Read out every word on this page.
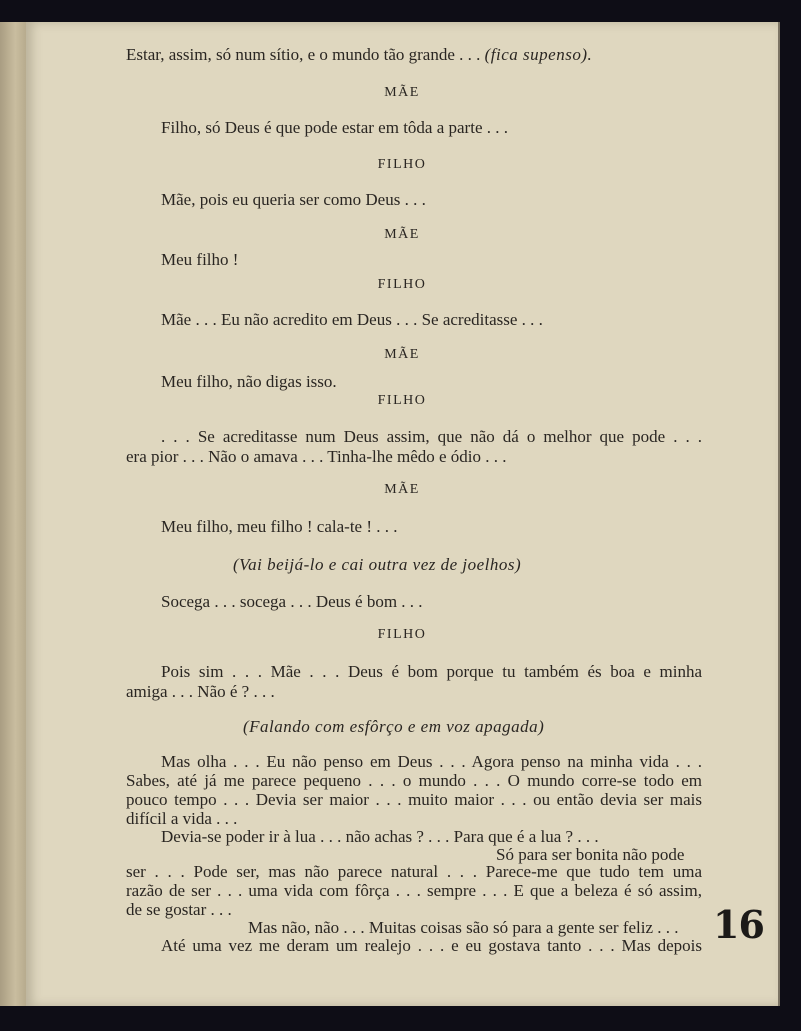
Estar, assim, só num sítio, e o mundo tão grande . . . (fica supenso).

MÃE

Filho, só Deus é que pode estar em tôda a parte . . .

FILHO

Mãe, pois eu queria ser como Deus . . .

MÃE

Meu filho !

FILHO

Mãe . . . Eu não acredito em Deus . . . Se acreditasse . . .

MÃE

Meu filho, não digas isso.

FILHO

. . . Se acreditasse num Deus assim, que não dá o melhor que pode . . .

era pior . . . Não o amava . . . Tinha-lhe mêdo e ódio . . .

MÃE

Meu filho, meu filho ! cala-te ! . . .

(Vai beijá-lo e cai outra vez de joelhos)

Socega . . . socega . . . Deus é bom . . .

FILHO

Pois sim . . . Mãe . . . Deus é bom porque tu também és boa e minha

amiga . . . Não é ? . . .

(Falando com esfôrço e em voz apagada)

Mas olha . . . Eu não penso em Deus . . . Agora penso na minha vida . . .

Sabes, até já me parece pequeno . . . o mundo . . . O mundo corre-se todo em

pouco tempo . . . Devia ser maior . . . muito maior . . . ou então devia ser mais

difícil a vida . . .

Devia-se poder ir à lua . . . não achas ? . . . Para que é a lua ? . . .

Só para ser bonita não pode

ser . . . Pode ser, mas não parece natural . . . Parece-me que tudo tem uma

razão de ser . . . uma vida com fôrça . . . sempre . . . E que a beleza é só assim,

de se gostar . . .

Mas não, não . . . Muitas coisas são só para a gente ser feliz . . .

Até uma vez me deram um realejo . . . e eu gostava tanto . . . Mas depois 16
